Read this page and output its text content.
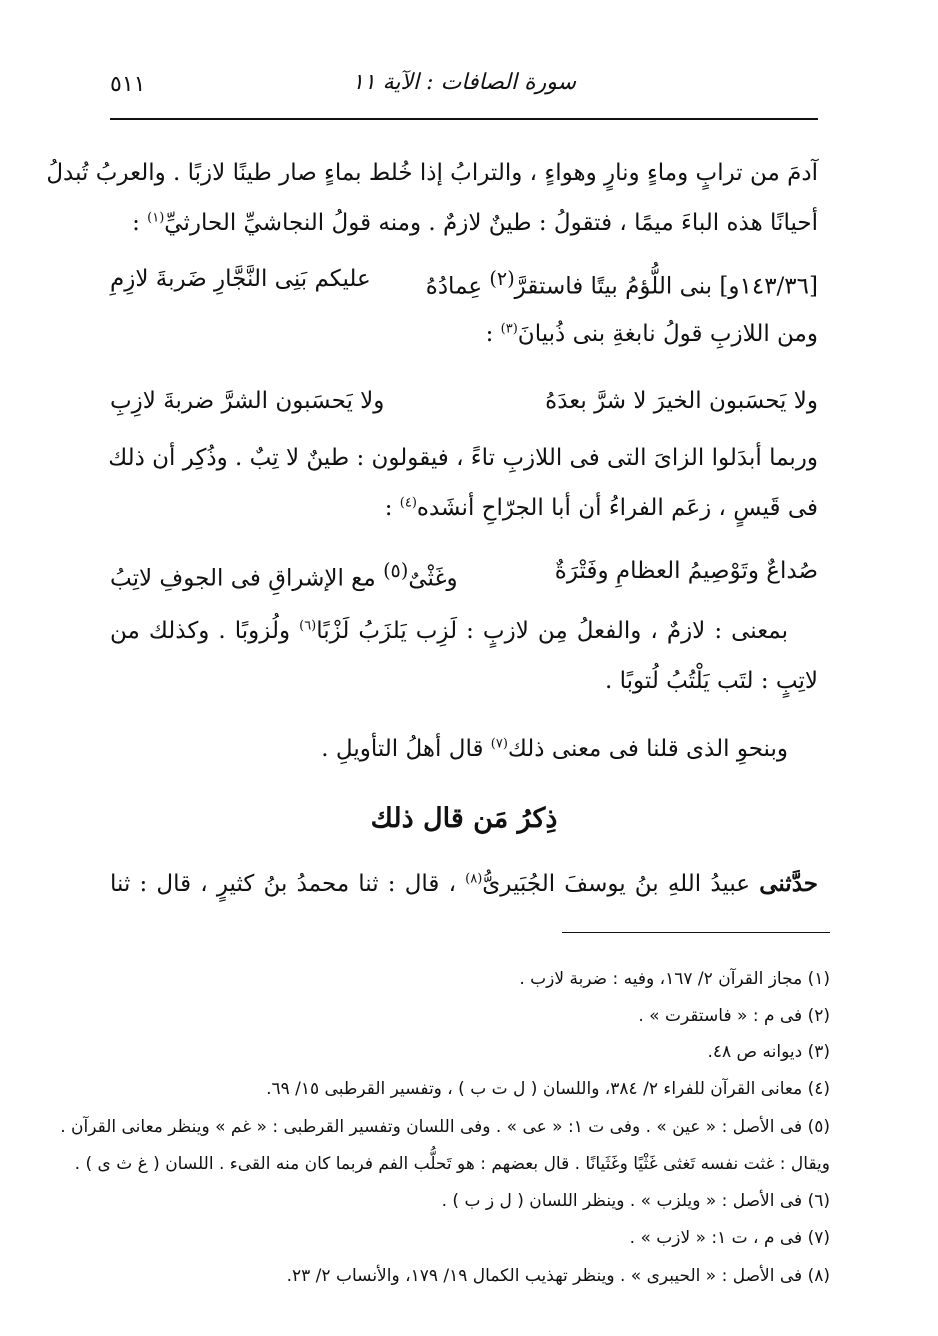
سورة الصافات : الآية ١١
٥١١
آدمَ من ترابٍ وماءٍ ونارٍ وهواءٍ ، والترابُ إذا خُلط بماءٍ صار طينًا لازبًا . والعربُ تُبدلُ
أحيانًا هذه الباءَ ميمًا ، فتقولُ : طينٌ لازمٌ . ومنه قولُ النجاشيِّ الحارثيِّ$^{(١)}$ :
[١٤٣/٣٦و] بنى اللُّؤمُ بيتًا فاستقرَّ$^{(٢)}$ عِمادُهُ
عليكم بَنِى النَّجَّارِ ضَربةَ لازِمِ
ومن اللازبِ قولُ نابغةِ بنى ذُبيانَ$^{(٣)}$ :
ولا يَحسَبون الخيرَ لا شرَّ بعدَهُ
ولا يَحسَبون الشرَّ ضربةَ لازِبِ
وربما أبدَلوا الزاىَ التى فى اللازبِ تاءً ، فيقولون : طينٌ لا تِبٌ . وذُكِر أن ذلك
فى قَيسٍ ، زعَم الفراءُ أن أبا الجرّاحِ أنشَده$^{(٤)}$ :
صُداعٌ وتَوْصِيمُ العظامِ وفَتْرَةٌ
وغَثْىٌ$^{(٥)}$ مع الإشراقِ فى الجوفِ لاتِبُ
بمعنى : لازمٌ ، والفعلُ مِن لازبٍ : لَزِب يَلزَبُ لَزْبًا$^{(٦)}$ ولُزوبًا . وكذلك من
لاتِبٍ : لتَب يَلْتُبُ لُتوبًا .
وبنحوِ الذى قلنا فى معنى ذلك$^{(٧)}$ قال أهلُ التأويلِ .
ذِكرُ مَن قال ذلك
حدَّثنى عبيدُ اللهِ بنُ يوسفَ الجُبَيرىُّ$^{(٨)}$ ، قال : ثنا محمدُ بنُ كثيرٍ ، قال : ثنا
(١) مجاز القرآن ٢/ ١٦٧، وفيه : ضربة لازب .
(٢) فى م : « فاستقرت » .
(٣) ديوانه ص ٤٨.
(٤) معانى القرآن للفراء ٢/ ٣٨٤، واللسان ( ل ت ب ) ، وتفسير القرطبى ١٥/ ٦٩.
(٥) فى الأصل : « عين » . وفى ت ١: « عى » . وفى اللسان وتفسير القرطبى : « غم » وينظر معانى القرآن .
ويقال : غثت نفسه تَغثى غَثْيًا وغَثَيانًا . قال بعضهم : هو تَحلُّب الفم فربما كان منه القىء . اللسان ( غ ث ى ) .
(٦) فى الأصل : « ويلزب » . وينظر اللسان ( ل ز ب ) .
(٧) فى م ، ت ١: « لازب » .
(٨) فى الأصل : « الحيبرى » . وينظر تهذيب الكمال ١٩/ ١٧٩، والأنساب ٢/ ٢٣.
